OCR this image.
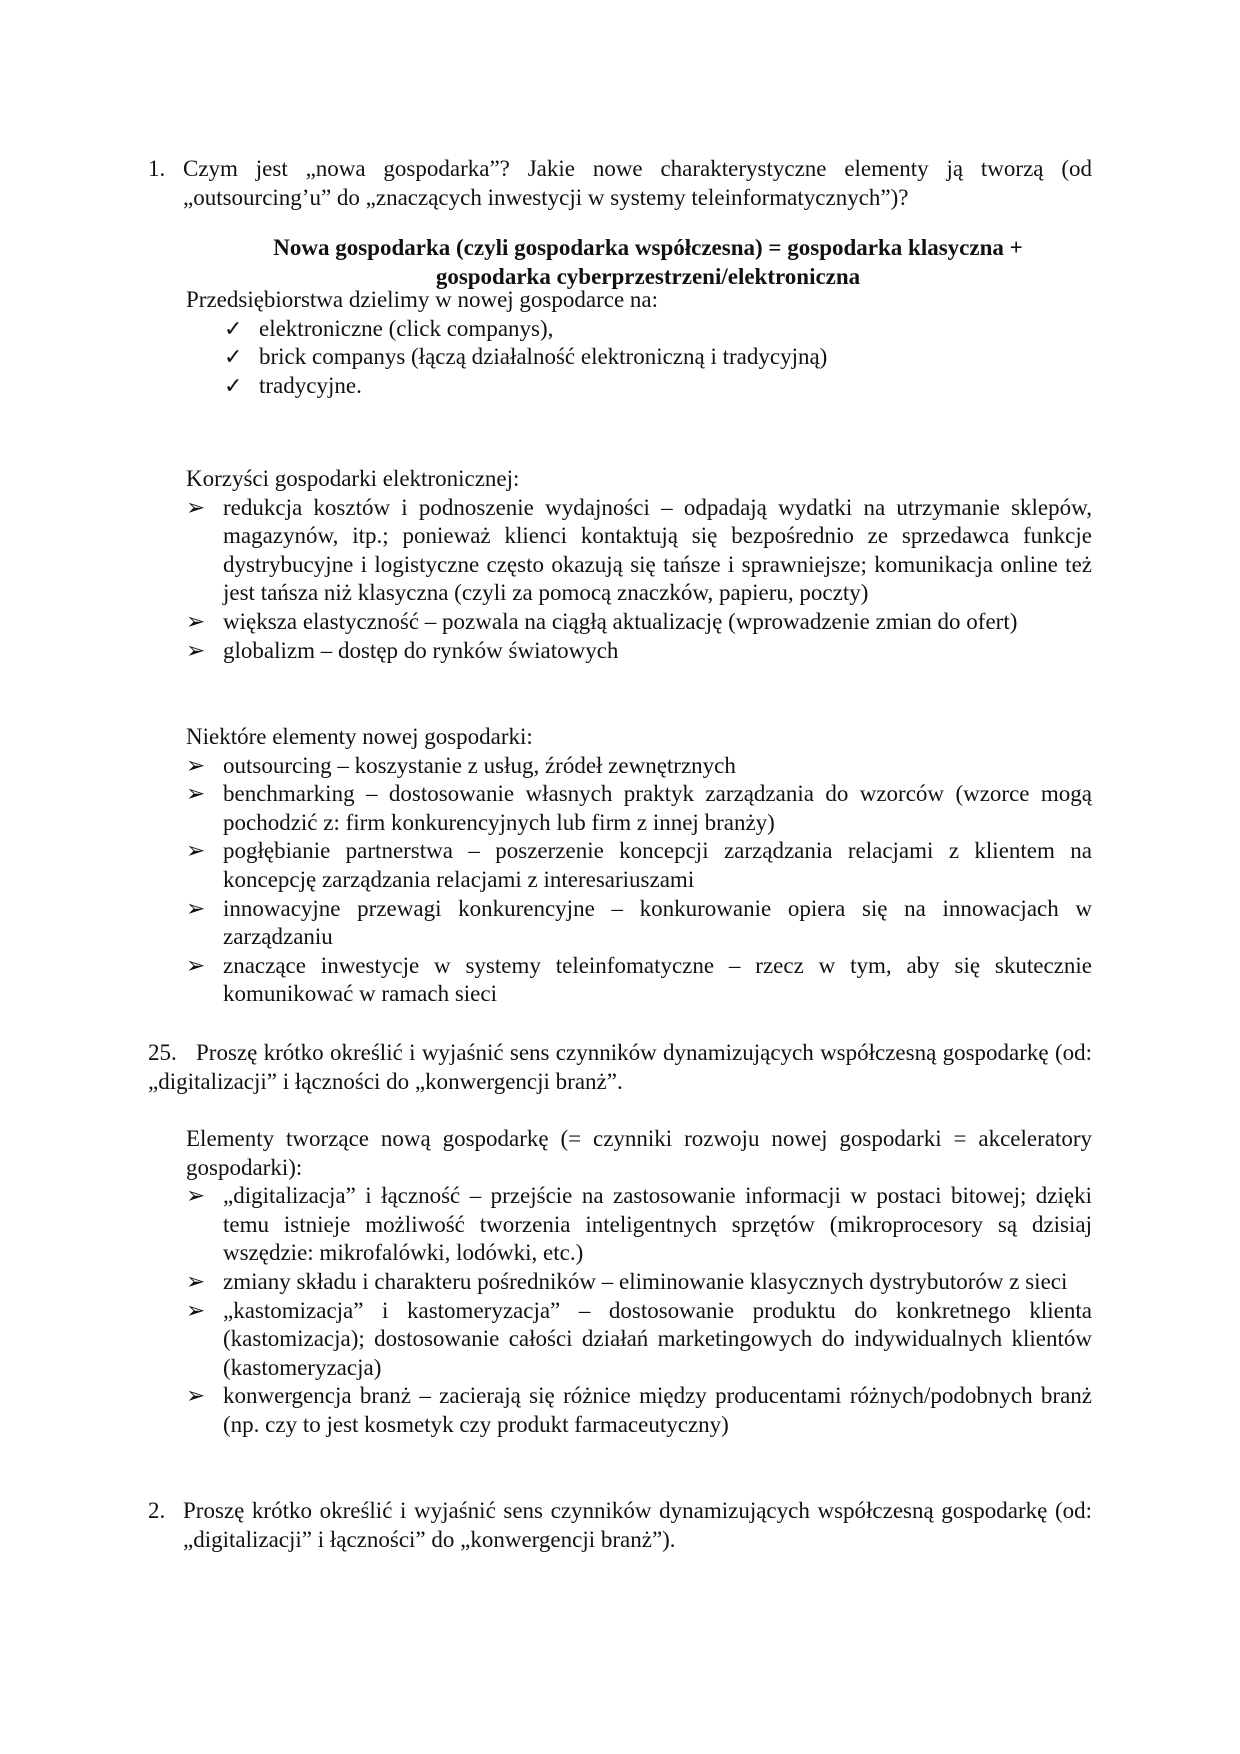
1. Czym jest „nowa gospodarka”? Jakie nowe charakterystyczne elementy ją tworzą (od „outsourcing’u” do „znaczących inwestycji w systemy teleinformatycznych”)?
Nowa gospodarka (czyli gospodarka współczesna) = gospodarka klasyczna +
gospodarka cyberprzestrzeni/elektroniczna
Przedsiębiorstwa dzielimy w nowej gospodarce na:
✓ elektroniczne (click companys),
✓ brick companys (łączą działalność elektroniczną i tradycyjną)
✓ tradycyjne.
Korzyści gospodarki elektronicznej:
➢ redukcja kosztów i podnoszenie wydajności – odpadają wydatki na utrzymanie sklepów, magazynów, itp.; ponieważ klienci kontaktują się bezpośrednio ze sprzedawca funkcje dystrybucyjne i logistyczne często okazują się tańsze i sprawniejsze; komunikacja online też jest tańsza niż klasyczna (czyli za pomocą znaczków, papieru, poczty)
➢ większa elastyczność – pozwala na ciągłą aktualizację (wprowadzenie zmian do ofert)
➢ globalizm – dostęp do rynków światowych
Niektóre elementy nowej gospodarki:
➢ outsourcing – koszystanie z usług, źródeł zewnętrznych
➢ benchmarking – dostosowanie własnych praktyk zarządzania do wzorców (wzorce mogą pochodzić z: firm konkurencyjnych lub firm z innej branży)
➢ pogłębianie partnerstwa – poszerzenie koncepcji zarządzania relacjami z klientem na koncepcję zarządzania relacjami z interesariuszami
➢ innowacyjne przewagi konkurencyjne – konkurowanie opiera się na innowacjach w zarządzaniu
➢ znaczące inwestycje w systemy teleinfomatyczne – rzecz w tym, aby się skutecznie komunikować w ramach sieci
25. Proszę krótko określić i wyjaśnić sens czynników dynamizujących współczesną gospodarkę (od: „digitalizacji” i łączności do „konwergencji branż”.
Elementy tworzące nową gospodarkę (= czynniki rozwoju nowej gospodarki = akceleratory gospodarki):
➢ „digitalizacja” i łączność – przejście na zastosowanie informacji w postaci bitowej; dzięki temu istnieje możliwość tworzenia inteligentnych sprzętów (mikroprocesory są dzisiaj wszędzie: mikrofalówki, lodówki, etc.)
➢ zmiany składu i charakteru pośredników – eliminowanie klasycznych dystrybutorów z sieci
➢ „kastomizacja” i kastomeryzacja” – dostosowanie produktu do konkretnego klienta (kastomizacja); dostosowanie całości działań marketingowych do indywidualnych klientów (kastomeryzacja)
➢ konwergencja branż – zacierają się różnice między producentami różnych/podobnych branż (np. czy to jest kosmetyk czy produkt farmaceutyczny)
2. Proszę krótko określić i wyjaśnić sens czynników dynamizujących współczesną gospodarkę (od: „digitalizacji” i łączności” do „konwergencji branż”).
